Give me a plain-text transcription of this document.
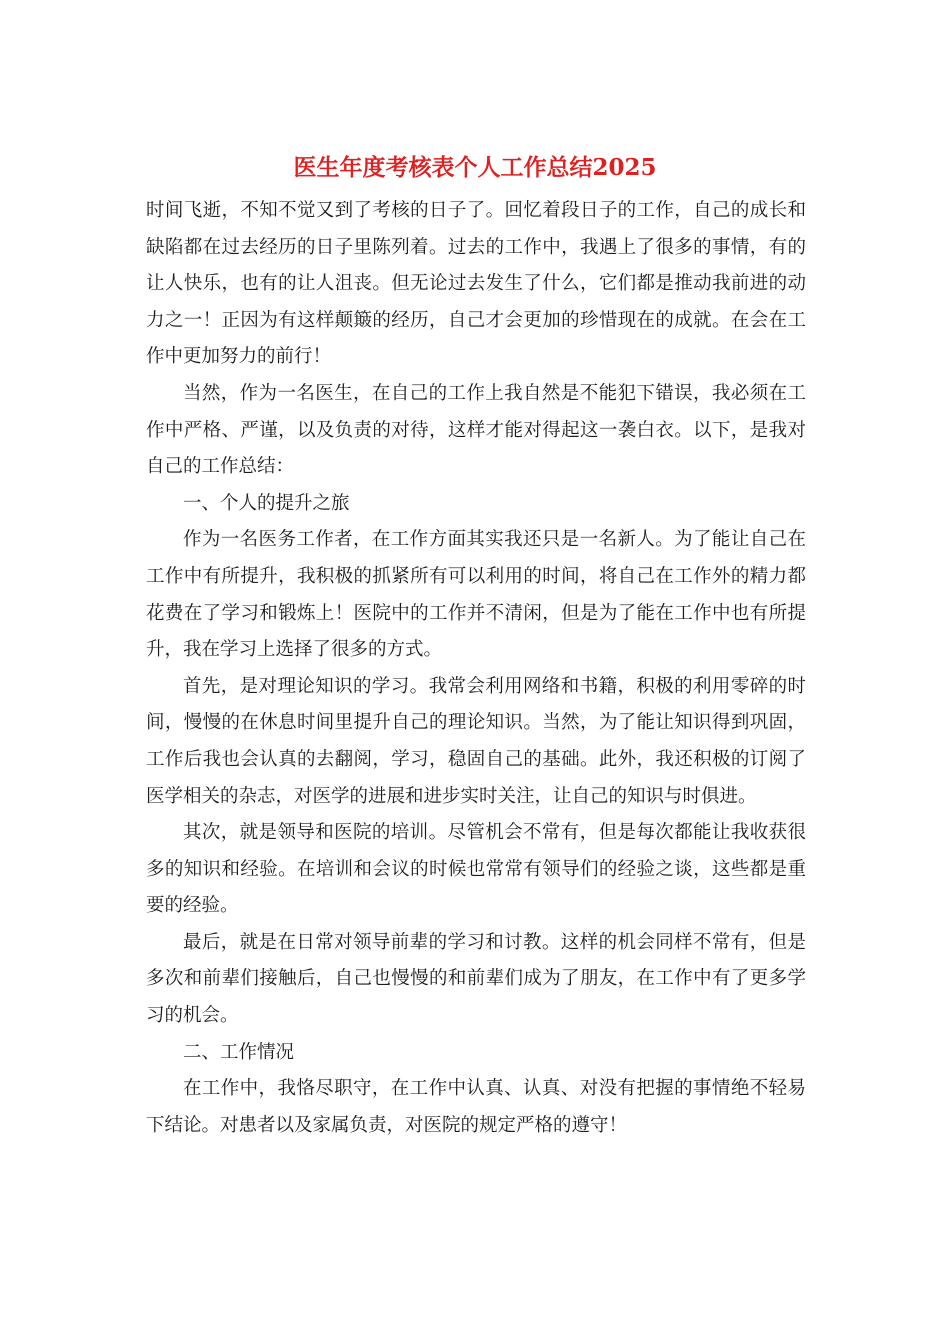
医生年度考核表个人工作总结2025

时间飞逝，不知不觉又到了考核的日子了。回忆着段日子的工作，自己的成长和缺陷都在过去经历的日子里陈列着。过去的工作中，我遇上了很多的事情，有的让人快乐，也有的让人沮丧。但无论过去发生了什么，它们都是推动我前进的动力之一！正因为有这样颠簸的经历，自己才会更加的珍惜现在的成就。在会在工作中更加努力的前行！

当然，作为一名医生，在自己的工作上我自然是不能犯下错误，我必须在工作中严格、严谨，以及负责的对待，这样才能对得起这一袭白衣。以下，是我对自己的工作总结：

一、个人的提升之旅

作为一名医务工作者，在工作方面其实我还只是一名新人。为了能让自己在工作中有所提升，我积极的抓紧所有可以利用的时间，将自己在工作外的精力都花费在了学习和锻炼上！医院中的工作并不清闲，但是为了能在工作中也有所提升，我在学习上选择了很多的方式。

首先，是对理论知识的学习。我常会利用网络和书籍，积极的利用零碎的时间，慢慢的在休息时间里提升自己的理论知识。当然，为了能让知识得到巩固，工作后我也会认真的去翻阅，学习，稳固自己的基础。此外，我还积极的订阅了医学相关的杂志，对医学的进展和进步实时关注，让自己的知识与时俱进。

其次，就是领导和医院的培训。尽管机会不常有，但是每次都能让我收获很多的知识和经验。在培训和会议的时候也常常有领导们的经验之谈，这些都是重要的经验。

最后，就是在日常对领导前辈的学习和讨教。这样的机会同样不常有，但是多次和前辈们接触后，自己也慢慢的和前辈们成为了朋友，在工作中有了更多学习的机会。

二、工作情况

在工作中，我恪尽职守，在工作中认真、认真、对没有把握的事情绝不轻易下结论。对患者以及家属负责，对医院的规定严格的遵守！
